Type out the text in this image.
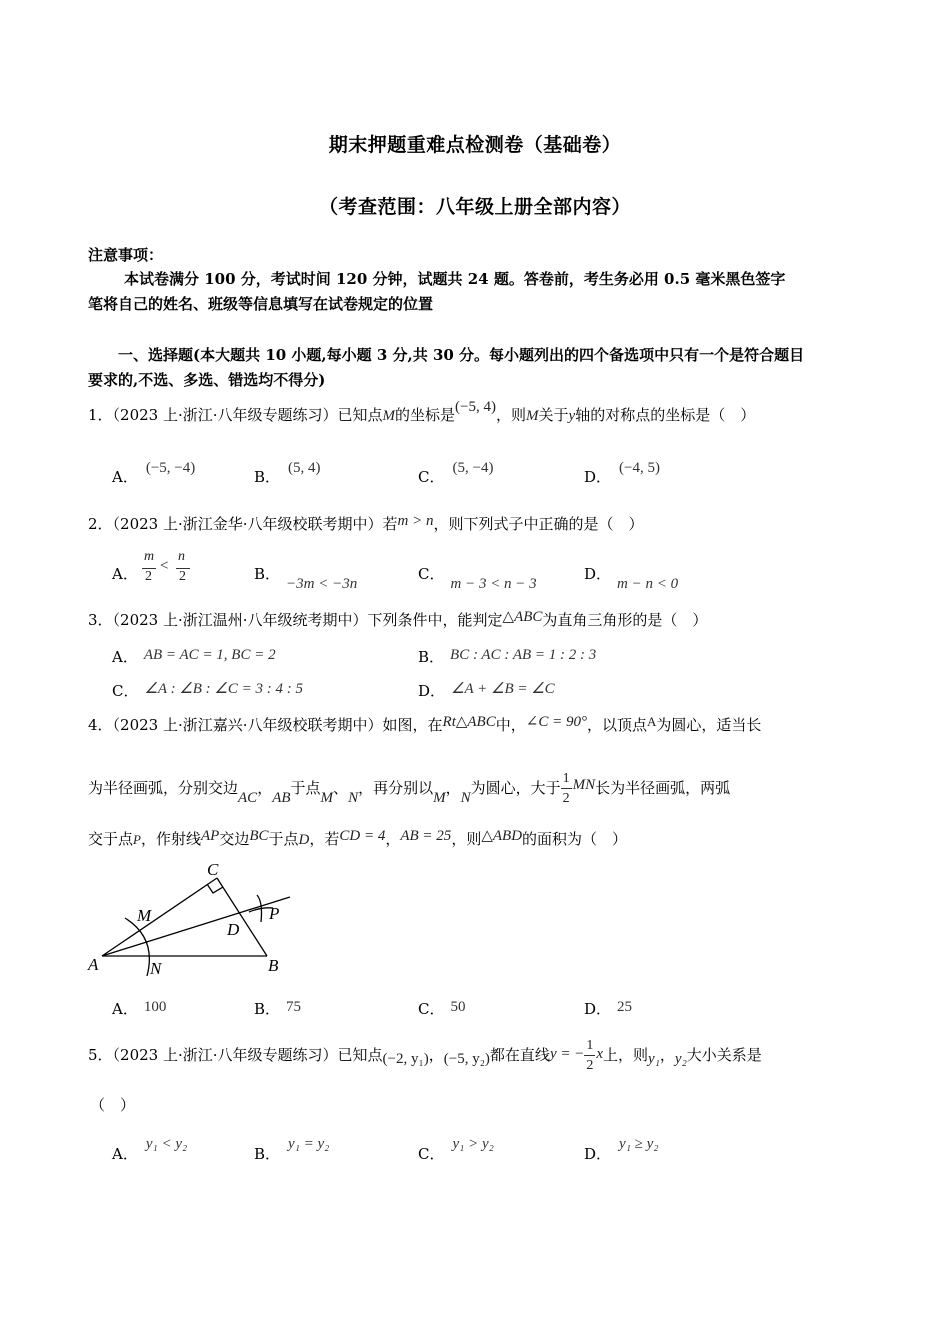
期末押题重难点检测卷（基础卷）
（考查范围：八年级上册全部内容）
注意事项：
本试卷满分 100 分，考试时间 120 分钟，试题共 24 题。答卷前，考生务必用 0.5 毫米黑色签字
笔将自己的姓名、班级等信息填写在试卷规定的位置
一、选择题(本大题共 10 小题,每小题 3 分,共 30 分。每小题列出的四个备选项中只有一个是符合题目
要求的,不选、多选、错选均不得分)
1．（2023 上·浙江·八年级专题练习）已知点M的坐标是(−5, 4)，则M关于y轴的对称点的坐标是（　）
A． (−5, −4)	B． (5, 4)	C． (5, −4)	D． (−4, 5)
2．（2023 上·浙江金华·八年级校联考期中）若m > n，则下列式子中正确的是（　）
A．
m
2
<
n
2	B．−3m < −3n
C．m − 3 < n − 3
D．m − n < 0
3．（2023 上·浙江温州·八年级统考期中）下列条件中，能判定△ABC为直角三角形的是（　）
A． AB = AC = 1, BC = 2	B． BC : AC : AB = 1 : 2 : 3
C． ∠A : ∠B : ∠C = 3 : 4 : 5	D． ∠A + ∠B = ∠C
4．（2023 上·浙江嘉兴·八年级校联考期中）如图，在Rt△ABC中，∠C = 90°，以顶点A为圆心，适当长
为半径画弧，分别交边AC，AB于点M、N，再分别以M，N为圆心，大于 $\frac{1}{2}$ MN长为半径画弧，两弧
交于点P，作射线AP交边BC于点D，若CD = 4，AB = 25，则△ABD的面积为（　）
A	B
C
D
M
N
P
A． 100	B． 75	C． 50	D． 25
5．（2023 上·浙江·八年级专题练习）已知点(−2, y₁)，(−5, y₂)都在直线y = − $\frac{1}{2}$ x上，则y₁，y₂大小关系是
（　）
A．y₁ < y₂
B．y₁ = y₂
C．y₁ > y₂
D．y₁ ≥ y₂
